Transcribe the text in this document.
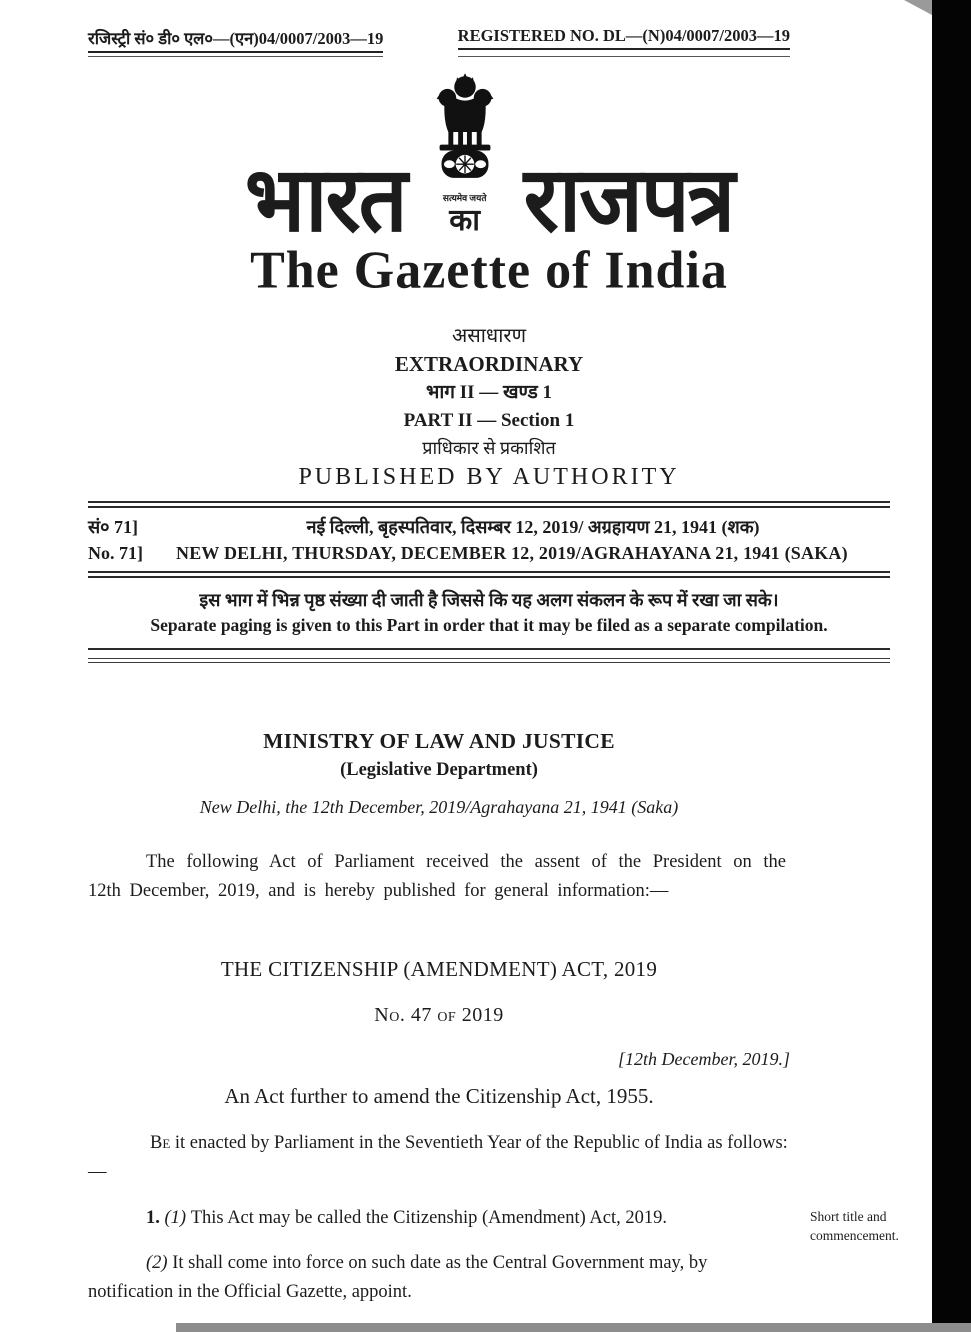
रजिस्ट्री सं० डी० एल०—(एन)04/0007/2003—19	REGISTERED NO. DL—(N)04/0007/2003—19
भारत	सत्यमेव जयते
का राजपत्र
The Gazette of India
असाधारण
EXTRAORDINARY
भाग II — खण्ड 1
PART II — Section 1
प्राधिकार से प्रकाशित
PUBLISHED BY AUTHORITY
सं० 71]	नई दिल्ली, बृहस्पतिवार, दिसम्बर 12, 2019/ अग्रहायण 21, 1941 (शक)
No. 71]	NEW DELHI, THURSDAY, DECEMBER 12, 2019/AGRAHAYANA 21, 1941 (SAKA)
इस भाग में भिन्न पृष्ठ संख्या दी जाती है जिससे कि यह अलग संकलन के रूप में रखा जा सके।
Separate paging is given to this Part in order that it may be filed as a separate compilation.
MINISTRY OF LAW AND JUSTICE
(Legislative Department)
New Delhi, the 12th December, 2019/Agrahayana 21, 1941 (Saka)

The following Act of Parliament received the assent of the President on the 12th December, 2019, and is hereby published for general information:—

THE CITIZENSHIP (AMENDMENT) ACT, 2019
No. 47 of 2019
[12th December, 2019.]
An Act further to amend the Citizenship Act, 1955.

Be it enacted by Parliament in the Seventieth Year of the Republic of India as follows:—

1. (1) This Act may be called the Citizenship (Amendment) Act, 2019.	Short title and commencement.

(2) It shall come into force on such date as the Central Government may, by notification in the Official Gazette, appoint.
